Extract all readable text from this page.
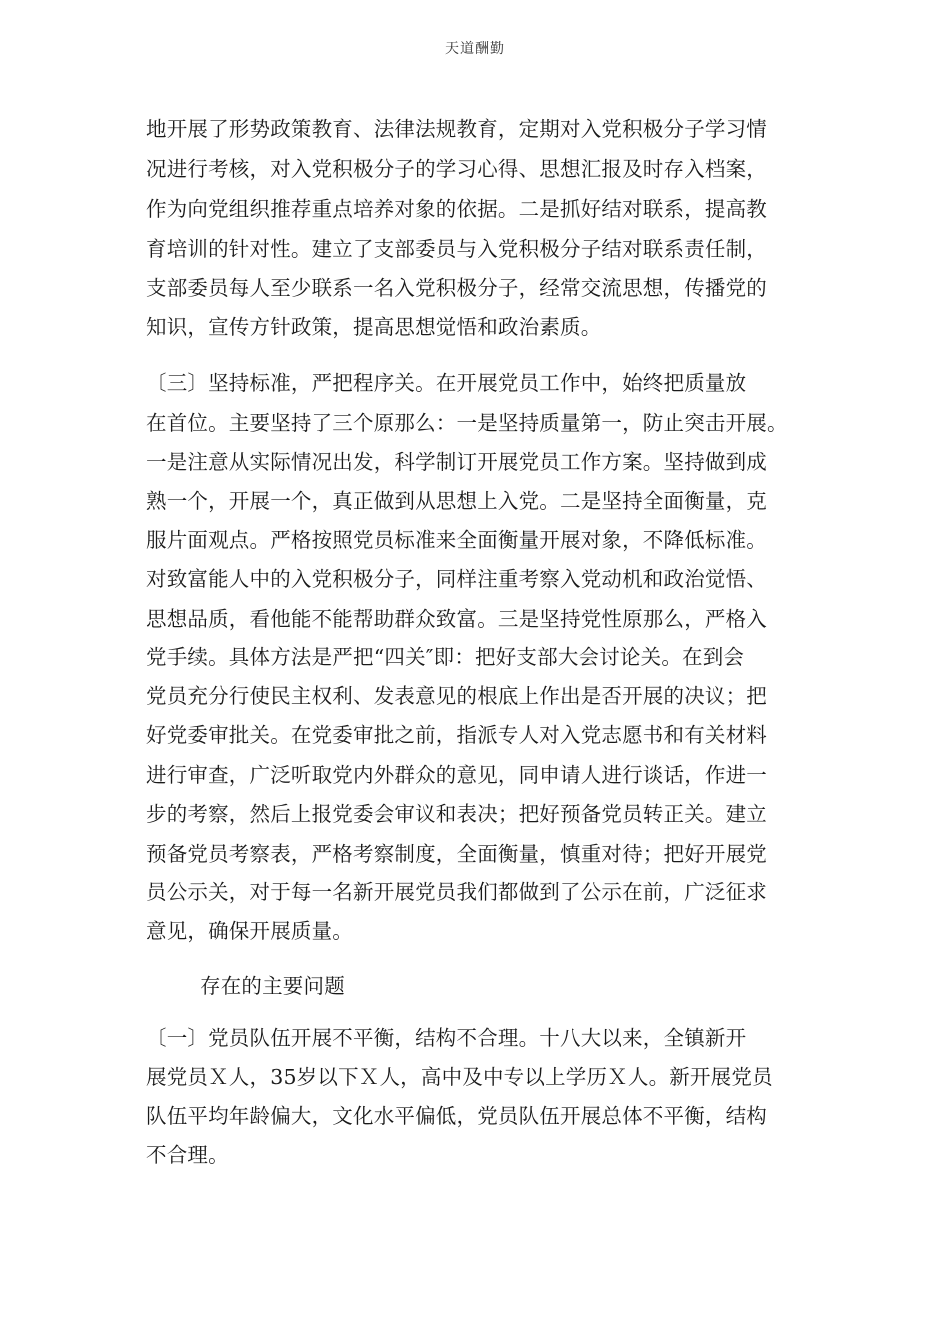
天道酬勤
地开展了形势政策教育、法律法规教育，定期对入党积极分子学习情
况进行考核，对入党积极分子的学习心得、思想汇报及时存入档案，
作为向党组织推荐重点培养对象的依据。二是抓好结对联系，提高教
育培训的针对性。建立了支部委员与入党积极分子结对联系责任制，
支部委员每人至少联系一名入党积极分子，经常交流思想，传播党的
知识，宣传方针政策，提高思想觉悟和政治素质。
〔三〕坚持标准，严把程序关。在开展党员工作中，始终把质量放
在首位。主要坚持了三个原那么：一是坚持质量第一，防止突击开展。
一是注意从实际情况出发，科学制订开展党员工作方案。坚持做到成
熟一个，开展一个，真正做到从思想上入党。二是坚持全面衡量，克
服片面观点。严格按照党员标准来全面衡量开展对象，不降低标准。
对致富能人中的入党积极分子，同样注重考察入党动机和政治觉悟、
思想品质，看他能不能帮助群众致富。三是坚持党性原那么，严格入
党手续。具体方法是严把“四关″即：把好支部大会讨论关。在到会
党员充分行使民主权利、发表意见的根底上作出是否开展的决议；把
好党委审批关。在党委审批之前，指派专人对入党志愿书和有关材料
进行审查，广泛听取党内外群众的意见，同申请人进行谈话，作进一
步的考察，然后上报党委会审议和表决；把好预备党员转正关。建立
预备党员考察表，严格考察制度，全面衡量，慎重对待；把好开展党
员公示关，对于每一名新开展党员我们都做到了公示在前，广泛征求
意见，确保开展质量。
存在的主要问题
〔一〕党员队伍开展不平衡，结构不合理。十八大以来，全镇新开
展党员Ｘ人，35岁以下Ｘ人，高中及中专以上学历Ｘ人。新开展党员
队伍平均年龄偏大，文化水平偏低，党员队伍开展总体不平衡，结构
不合理。
